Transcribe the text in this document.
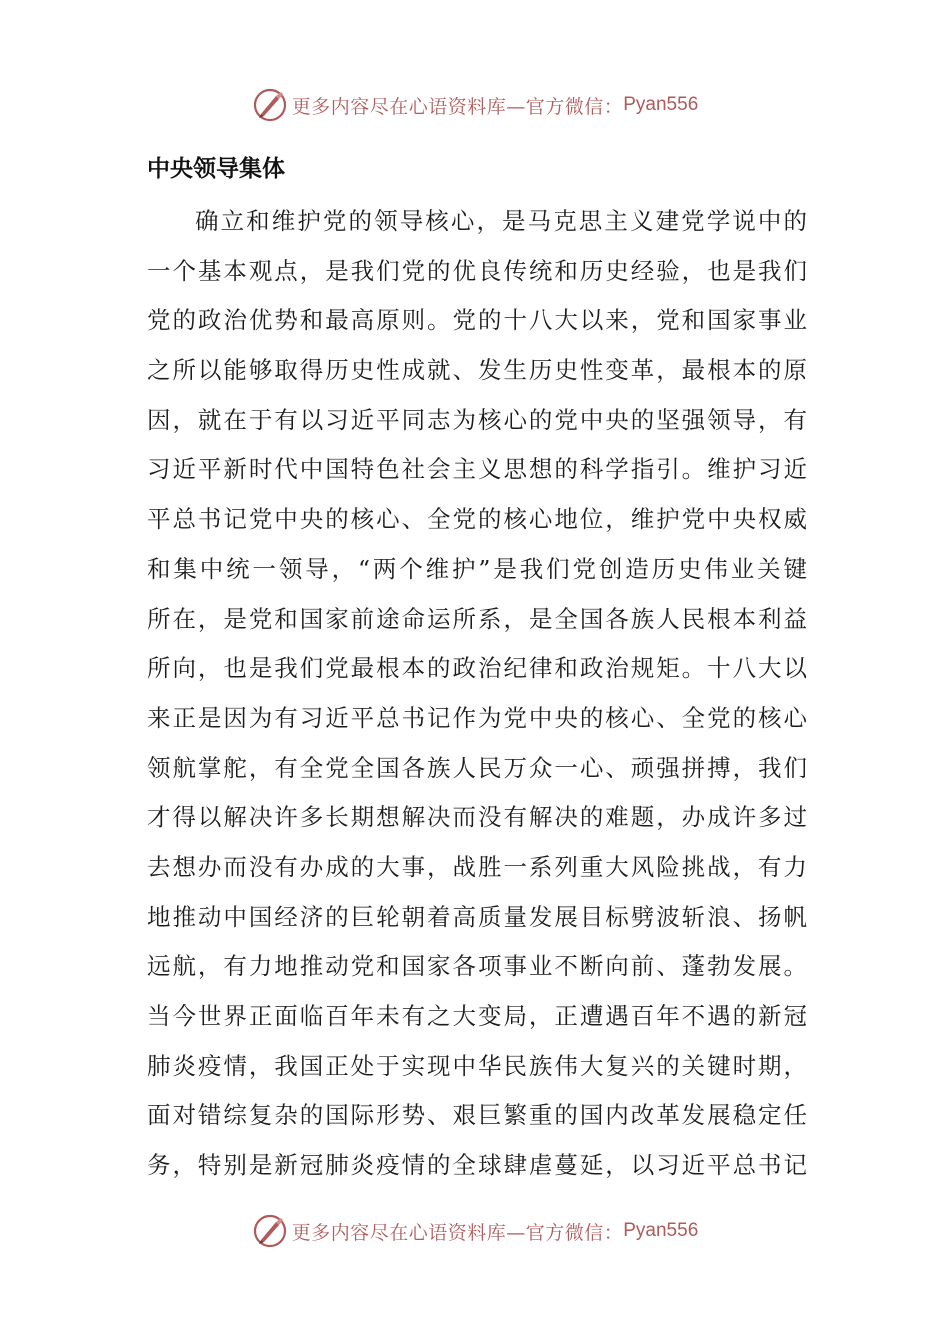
更多内容尽在心语资料库—官方微信： Pyan556
中央领导集体
确立和维护党的领导核心，是马克思主义建党学说中的
一个基本观点，是我们党的优良传统和历史经验，也是我们
党的政治优势和最高原则。党的十八大以来，党和国家事业
之所以能够取得历史性成就、发生历史性变革，最根本的原
因，就在于有以习近平同志为核心的党中央的坚强领导，有
习近平新时代中国特色社会主义思想的科学指引。维护习近
平总书记党中央的核心、全党的核心地位，维护党中央权威
和集中统一领导，“两个维护”是我们党创造历史伟业关键
所在，是党和国家前途命运所系，是全国各族人民根本利益
所向，也是我们党最根本的政治纪律和政治规矩。十八大以
来正是因为有习近平总书记作为党中央的核心、全党的核心
领航掌舵，有全党全国各族人民万众一心、顽强拼搏，我们
才得以解决许多长期想解决而没有解决的难题，办成许多过
去想办而没有办成的大事，战胜一系列重大风险挑战，有力
地推动中国经济的巨轮朝着高质量发展目标劈波斩浪、扬帆
远航，有力地推动党和国家各项事业不断向前、蓬勃发展。
当今世界正面临百年未有之大变局，正遭遇百年不遇的新冠
肺炎疫情，我国正处于实现中华民族伟大复兴的关键时期，
面对错综复杂的国际形势、艰巨繁重的国内改革发展稳定任
务，特别是新冠肺炎疫情的全球肆虐蔓延，以习近平总书记
更多内容尽在心语资料库—官方微信： Pyan556
